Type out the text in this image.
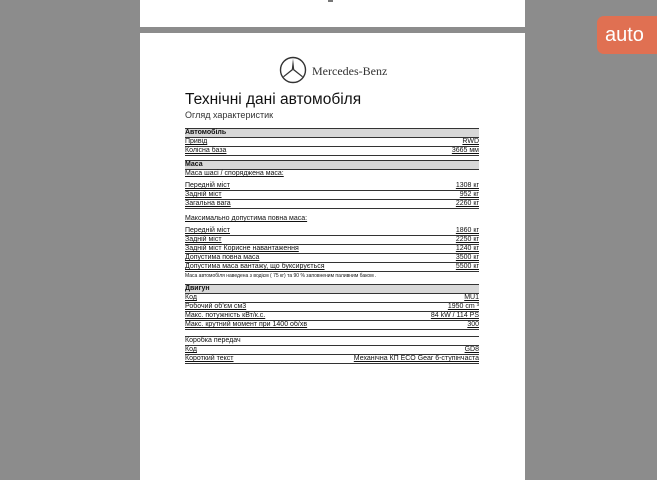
Mercedes-Benz
Технічні дані автомобіля
Огляд характеристик
Автомобіль
Привід	RWD
Колісна база	3665 мм
Маса
Маса шасі / споряджена маса:
Передній міст	1308 кг
Задній міст	952 кг
Загальна вага	2260 кг
Максимально допустима повна маса:
Передній міст	1860 кг
Задній міст	2250 кг
Задній міст Корисне навантаження	1240 кг
Допустима повна маса	3500 кг
Допустима маса вантажу, що буксирується	5500 кг
Маса автомобіля наведена з водієм ( 75 кг) та 90 % заповненим паливним баком .
Двигун
Код	MU1
Робочий об'єм см3	1950 cm ³
Макс. потужність кВт/к.с.	84 kW / 114 PS
Макс. крутний момент при 1400 об/хв	300
Коробка передач
Код	GD8
Короткий текст	Механічна КП ECO Gear 6-ступінчаста
auto
